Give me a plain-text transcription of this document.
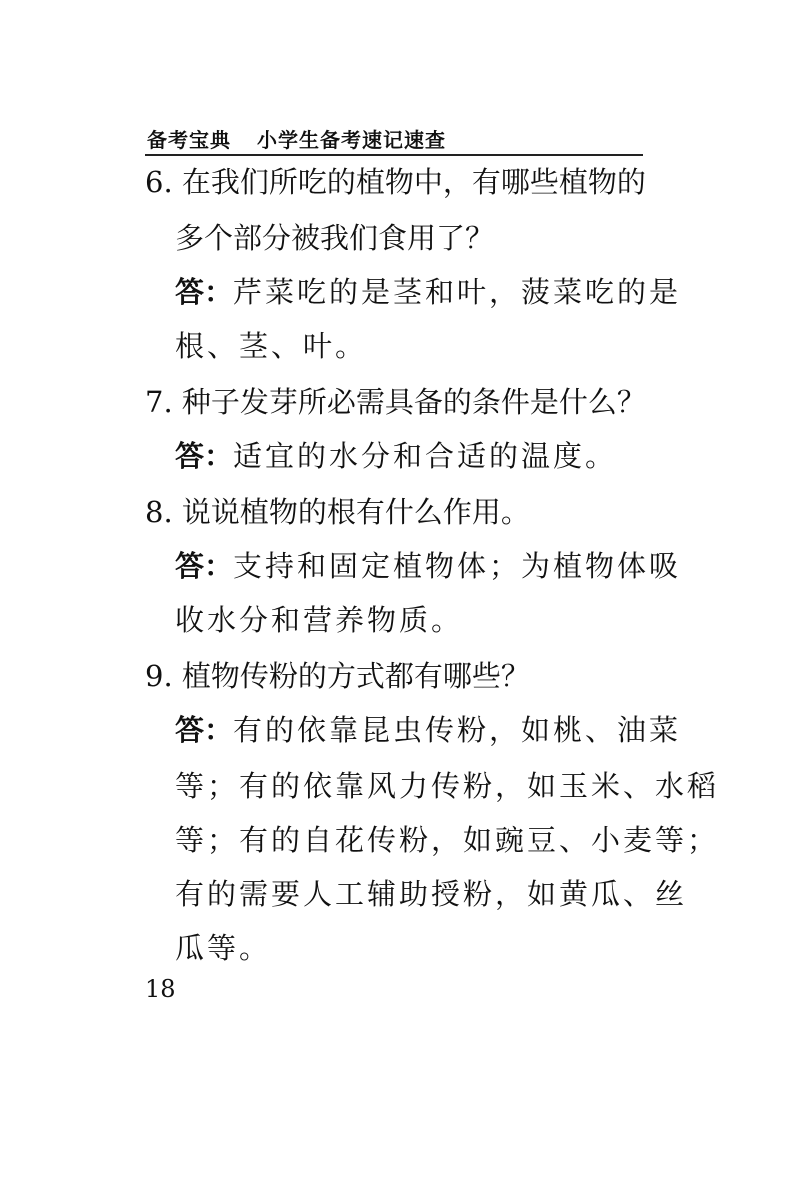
备考宝典 小学生备考速记速查
6. 在我们所吃的植物中，有哪些植物的
多个部分被我们食用了？
答：芹菜吃的是茎和叶，菠菜吃的是
根、茎、叶。
7. 种子发芽所必需具备的条件是什么？
答：适宜的水分和合适的温度。
8. 说说植物的根有什么作用。
答：支持和固定植物体；为植物体吸
收水分和营养物质。
9. 植物传粉的方式都有哪些？
答：有的依靠昆虫传粉，如桃、油菜
等；有的依靠风力传粉，如玉米、水稻
等；有的自花传粉，如豌豆、小麦等；
有的需要人工辅助授粉，如黄瓜、丝
瓜等。
18
